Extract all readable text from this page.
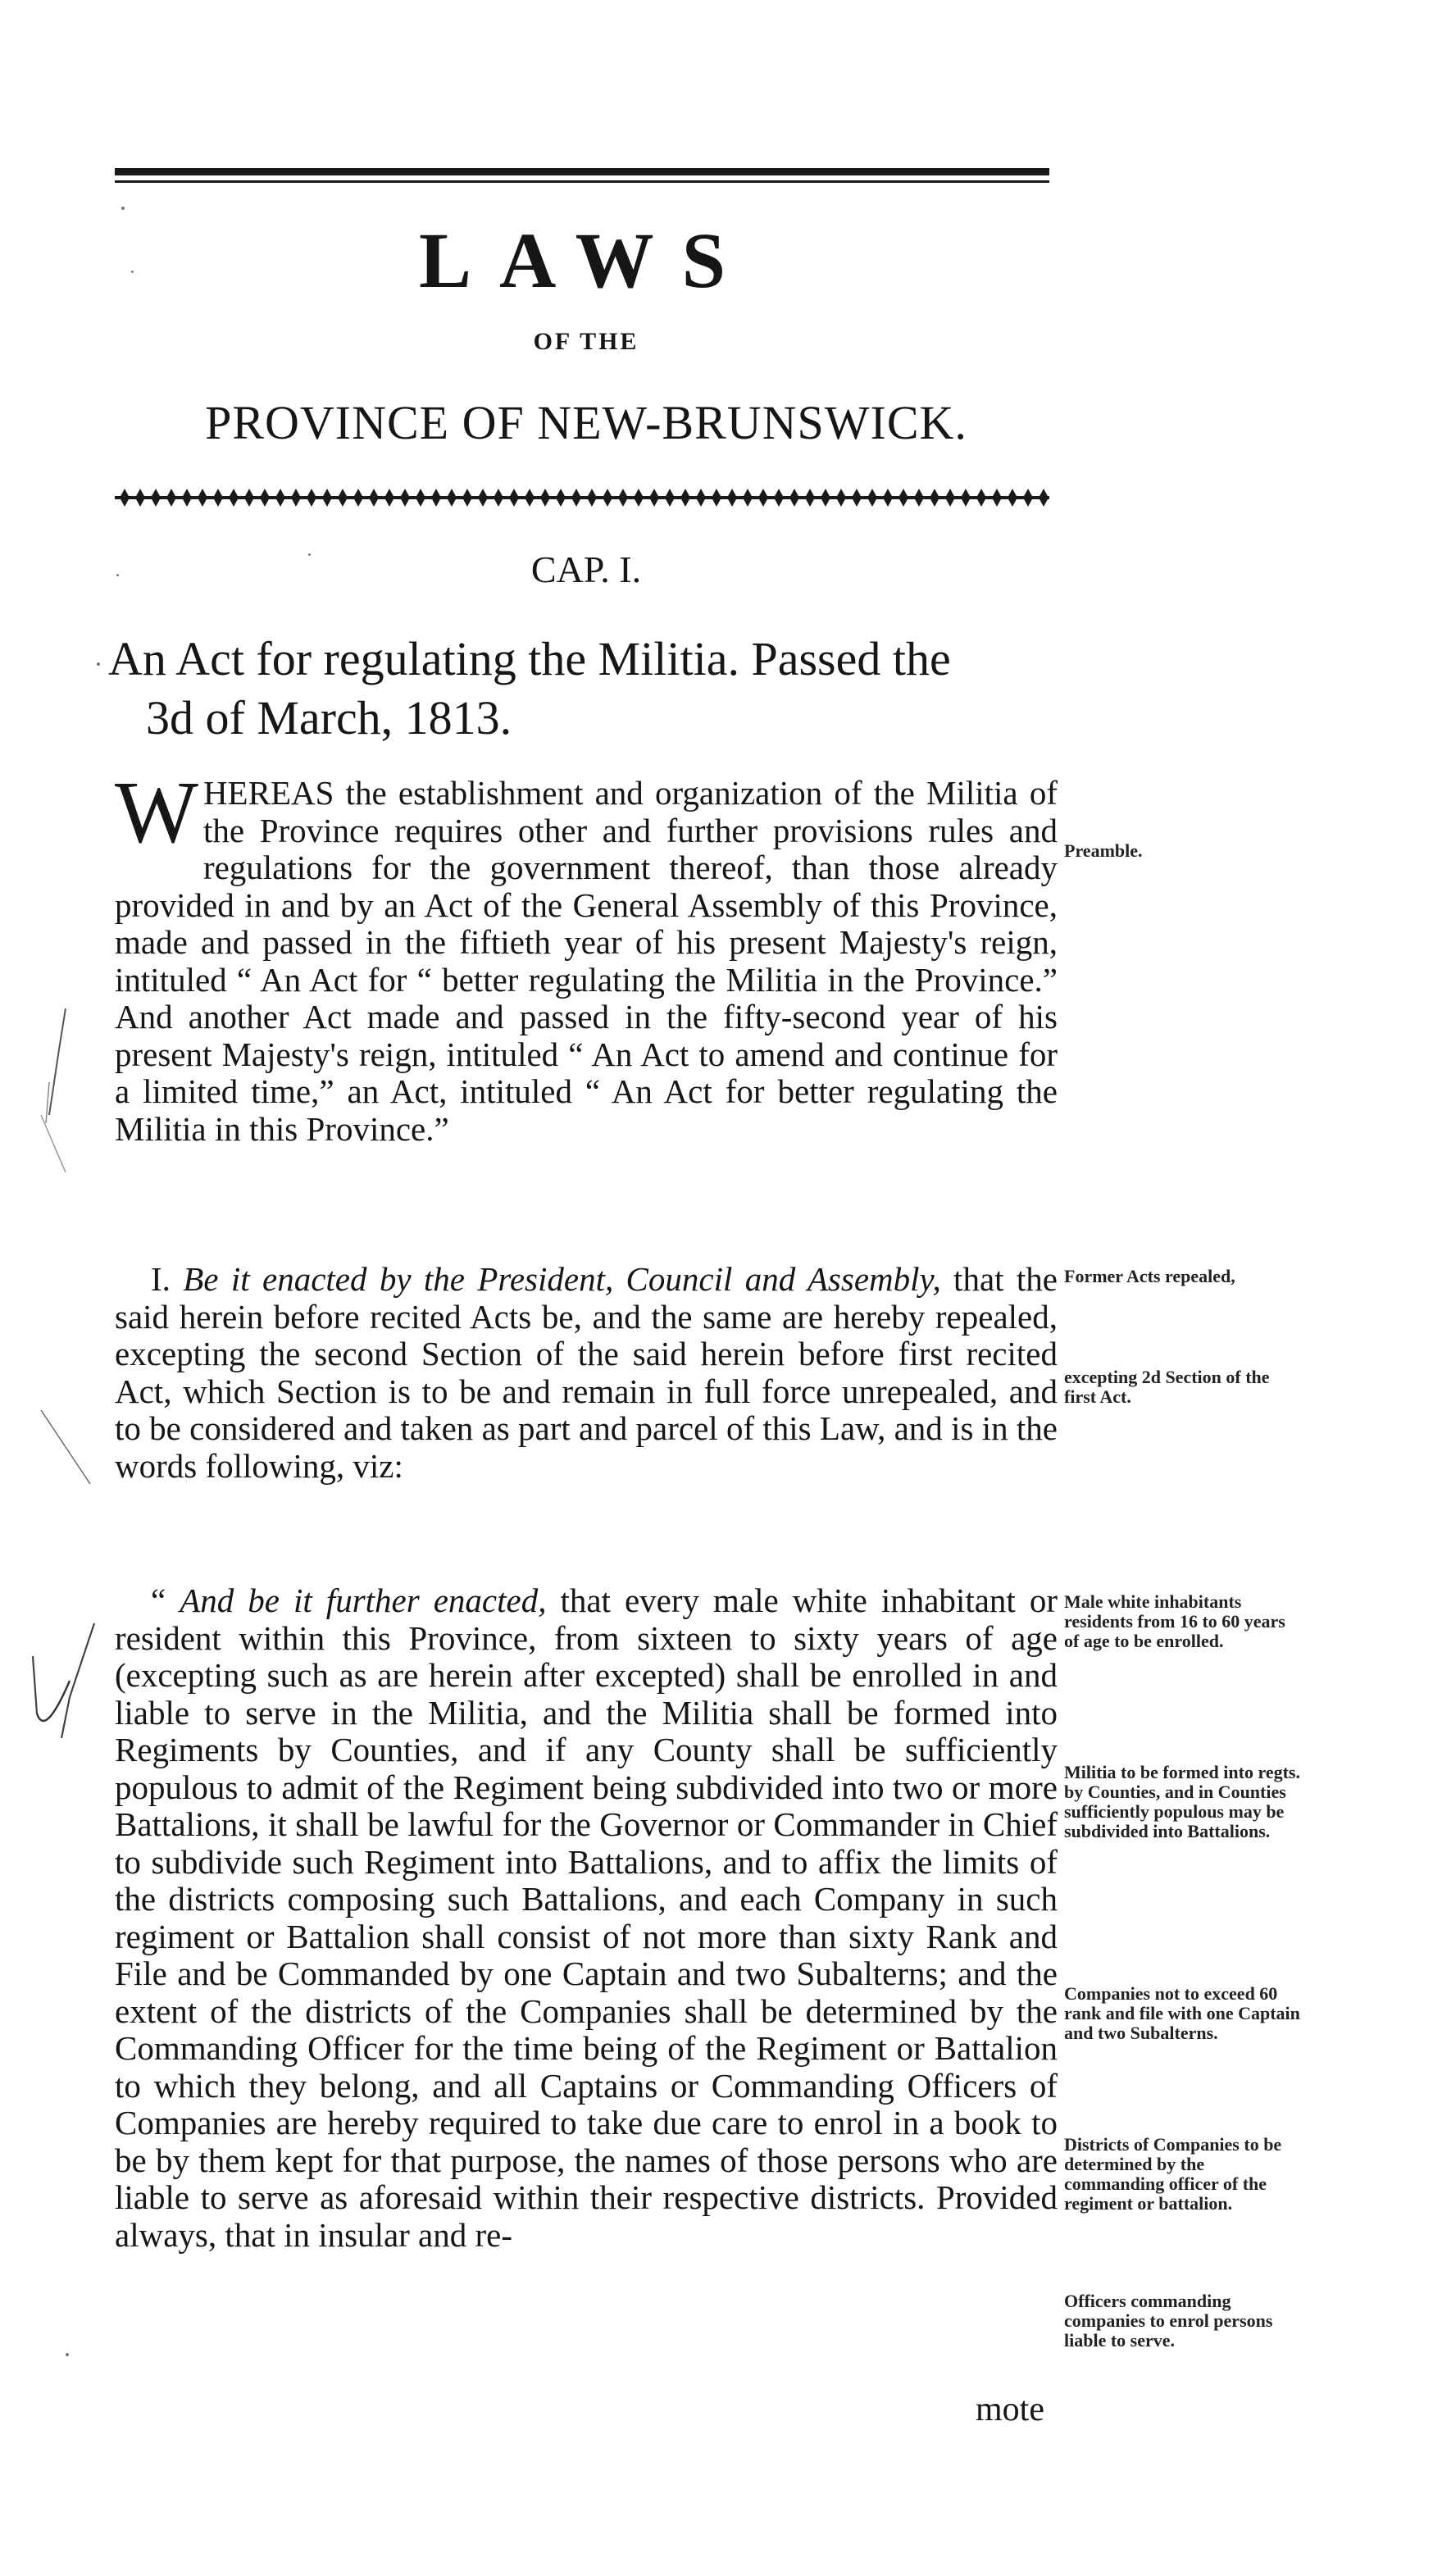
LAWS
OF THE
PROVINCE OF NEW-BRUNSWICK.
CAP. I.
An Act for regulating the Militia. Passed the
3d of March, 1813.
WHEREAS the establishment and organization of the Militia of the Province requires other and further provisions rules and regulations for the government thereof, than those already provided in and by an Act of the General Assembly of this Province, made and passed in the fiftieth year of his present Majesty's reign, intituled “ An Act for “ better regulating the Militia in the Province.” And another Act made and passed in the fifty-second year of his present Majesty's reign, intituled “ An Act to amend and continue for a limited time,” an Act, intituled “ An Act for better regulating the Militia in this Province.”
I. Be it enacted by the President, Council and Assembly, that the said herein before recited Acts be, and the same are hereby repealed, excepting the second Section of the said herein before first recited Act, which Section is to be and remain in full force unrepealed, and to be considered and taken as part and parcel of this Law, and is in the words following, viz:
“ And be it further enacted, that every male white inhabitant or resident within this Province, from sixteen to sixty years of age (excepting such as are herein after excepted) shall be enrolled in and liable to serve in the Militia, and the Militia shall be formed into Regiments by Counties, and if any County shall be sufficiently populous to admit of the Regiment being subdivided into two or more Battalions, it shall be lawful for the Governor or Commander in Chief to subdivide such Regiment into Battalions, and to affix the limits of the districts composing such Battalions, and each Company in such regiment or Battalion shall consist of not more than sixty Rank and File and be Commanded by one Captain and two Subalterns; and the extent of the districts of the Companies shall be determined by the Commanding Officer for the time being of the Regiment or Battalion to which they belong, and all Captains or Commanding Officers of Companies are hereby required to take due care to enrol in a book to be by them kept for that purpose, the names of those persons who are liable to serve as aforesaid within their respective districts. Provided always, that in insular and re-
mote
Preamble.
Former Acts repealed,
excepting 2d Section of the first Act.
Male white inhabitants residents from 16 to 60 years of age to be enrolled.
Militia to be formed into regts. by Counties, and in Counties sufficiently populous may be subdivided into Battalions.
Companies not to exceed 60 rank and file with one Captain and two Subalterns.
Districts of Companies to be determined by the commanding officer of the regiment or battalion.
Officers commanding companies to enrol persons liable to serve.
